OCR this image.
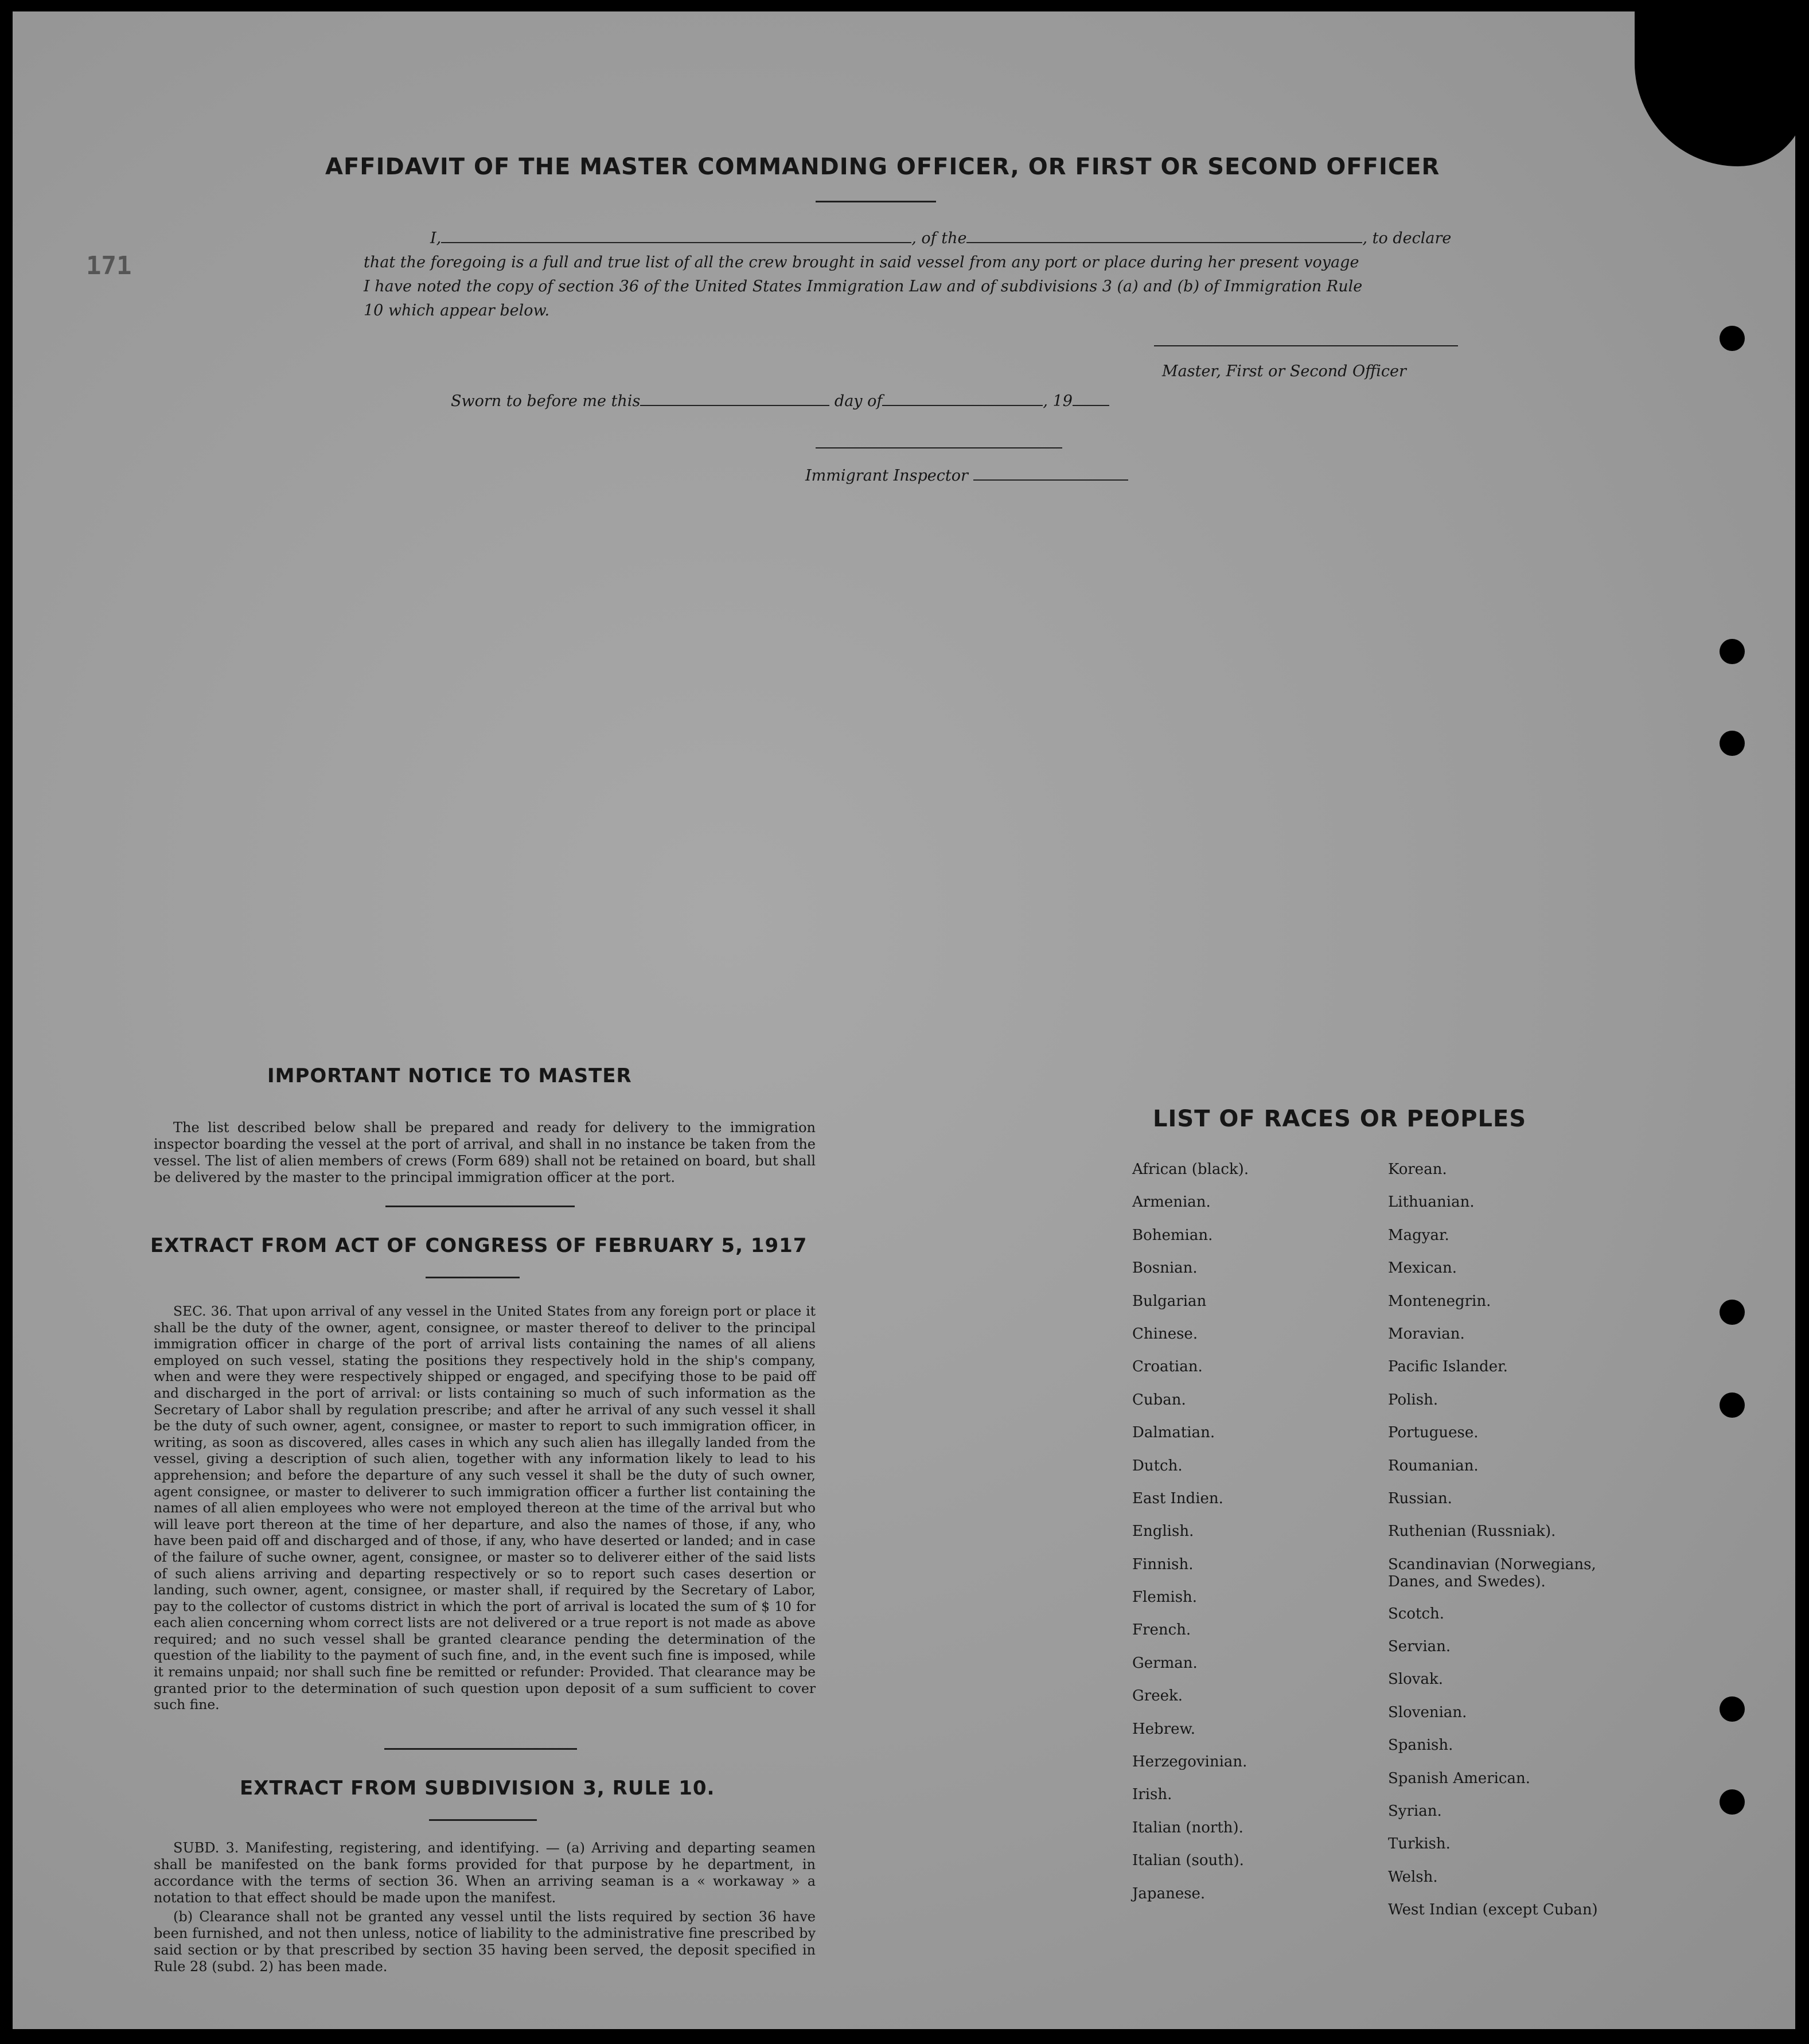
171
AFFIDAVIT OF THE MASTER COMMANDING OFFICER, OR FIRST OR SECOND OFFICER
I,	, of the	, to declare
that the foregoing is a full and true list of all the crew brought in said vessel from any port or place during her present voyage
I have noted the copy of section 36 of the United States Immigration Law and of subdivisions 3 (a) and (b) of Immigration Rule
10 which appear below.
Master, First or Second Officer
Sworn to before me this	day of	, 19
Immigrant Inspector
IMPORTANT NOTICE TO MASTER

The list described below shall be prepared and ready for delivery to the immigration inspector boarding the vessel at the port of arrival, and shall in no instance be taken from the vessel. The list of alien members of crews (Form 689) shall not be retained on board, but shall be delivered by the master to the principal immigration officer at the port.

EXTRACT FROM ACT OF CONGRESS OF FEBRUARY 5, 1917

SEC. 36. That upon arrival of any vessel in the United States from any foreign port or place it shall be the duty of the owner, agent, consignee, or master thereof to deliver to the principal immigration officer in charge of the port of arrival lists containing the names of all aliens employed on such vessel, stating the positions they respectively hold in the ship's company, when and were they were respectively shipped or engaged, and specifying those to be paid off and discharged in the port of arrival: or lists containing so much of such information as the Secretary of Labor shall by regulation prescribe; and after he arrival of any such vessel it shall be the duty of such owner, agent, consignee, or master to report to such immigration officer, in writing, as soon as discovered, alles cases in which any such alien has illegally landed from the vessel, giving a description of such alien, together with any information likely to lead to his apprehension; and before the departure of any such vessel it shall be the duty of such owner, agent consignee, or master to deliverer to such immigration officer a further list containing the names of all alien employees who were not employed thereon at the time of the arrival but who will leave port thereon at the time of her departure, and also the names of those, if any, who have been paid off and discharged and of those, if any, who have deserted or landed; and in case of the failure of suche owner, agent, consignee, or master so to deliverer either of the said lists of such aliens arriving and departing respectively or so to report such cases desertion or landing, such owner, agent, consignee, or master shall, if required by the Secretary of Labor, pay to the collector of customs district in which the port of arrival is located the sum of $ 10 for each alien concerning whom correct lists are not delivered or a true report is not made as above required; and no such vessel shall be granted clearance pending the determination of the question of the liability to the payment of such fine, and, in the event such fine is imposed, while it remains unpaid; nor shall such fine be remitted or refunder: Provided. That clearance may be granted prior to the determination of such question upon deposit of a sum sufficient to cover such fine.

EXTRACT FROM SUBDIVISION 3, RULE 10.

SUBD. 3. Manifesting, registering, and identifying. — (a) Arriving and departing seamen shall be manifested on the bank forms provided for that purpose by he department, in accordance with the terms of section 36. When an arriving seaman is a « workaway » a notation to that effect should be made upon the manifest.

(b) Clearance shall not be granted any vessel until the lists required by section 36 have been furnished, and not then unless, notice of liability to the administrative fine prescribed by said section or by that prescribed by section 35 having been served, the deposit specified in Rule 28 (subd. 2) has been made.

LIST OF RACES OR PEOPLES
African (black).
Armenian.
Bohemian.
Bosnian.
Bulgarian
Chinese.
Croatian.
Cuban.
Dalmatian.
Dutch.
East Indien.
English.
Finnish.
Flemish.
French.
German.
Greek.
Hebrew.
Herzegovinian.
Irish.
Italian (north).
Italian (south).
Japanese.
Korean.
Lithuanian.
Magyar.
Mexican.
Montenegrin.
Moravian.
Pacific Islander.
Polish.
Portuguese.
Roumanian.
Russian.
Ruthenian (Russniak).
Scandinavian (Norwegians, Danes, and Swedes).
Scotch.
Servian.
Slovak.
Slovenian.
Spanish.
Spanish American.
Syrian.
Turkish.
Welsh.
West Indian (except Cuban)
